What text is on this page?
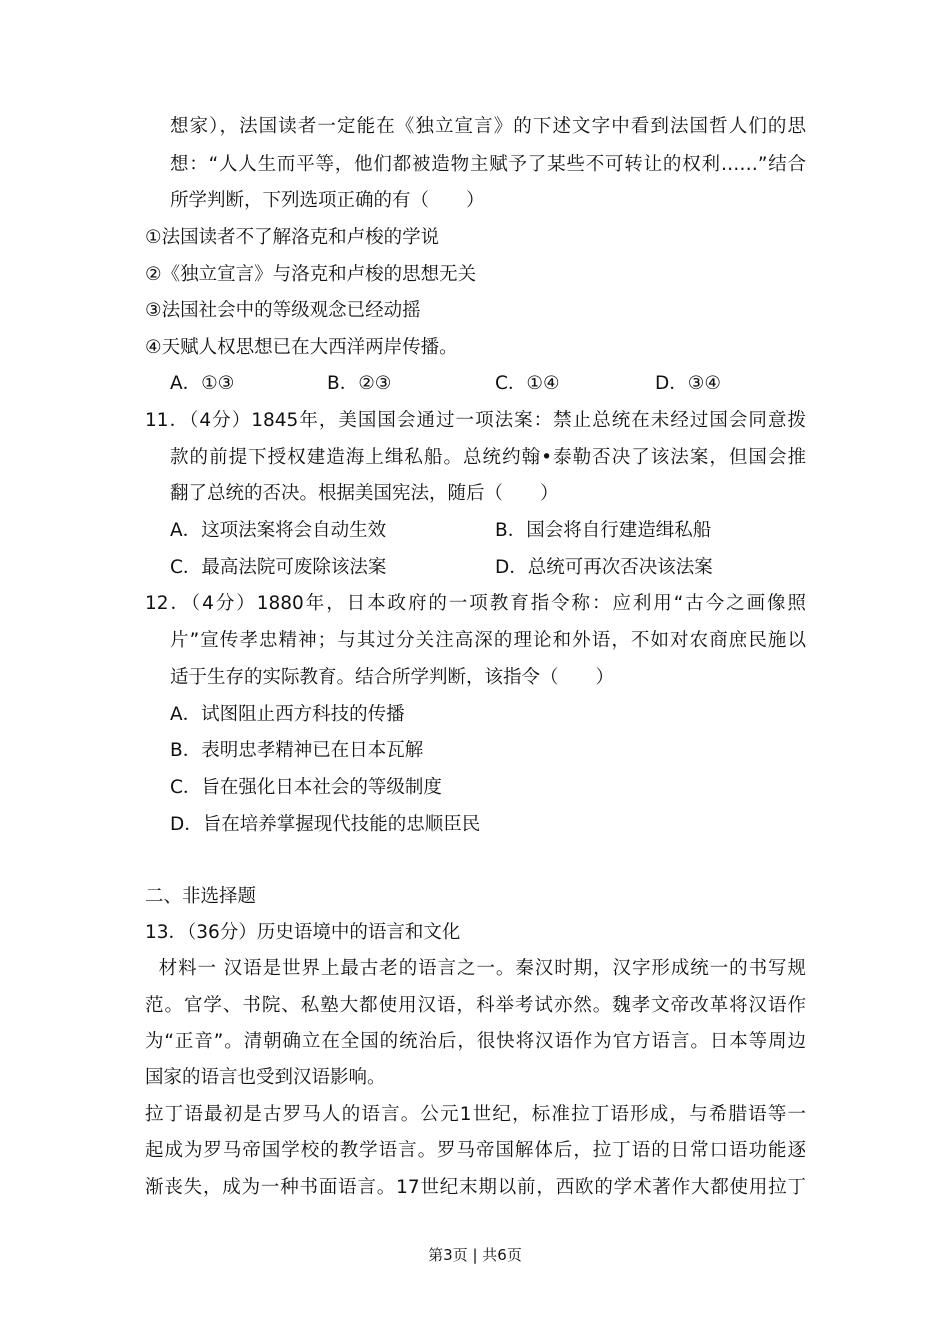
想家），法国读者一定能在《独立宣言》的下述文字中看到法国哲人们的思
想：“人人生而平等，他们都被造物主赋予了某些不可转让的权利……”结合
所学判断，下列选项正确的有（　　）
①法国读者不了解洛克和卢梭的学说
②《独立宣言》与洛克和卢梭的思想无关
③法国社会中的等级观念已经动摇
④天赋人权思想已在大西洋两岸传播。
A．①③	B．②③	C．①④	D．③④
11．（4分）1845年，美国国会通过一项法案：禁止总统在未经过国会同意拨
款的前提下授权建造海上缉私船。总统约翰•泰勒否决了该法案，但国会推
翻了总统的否决。根据美国宪法，随后（　　）
A．这项法案将会自动生效	B．国会将自行建造缉私船
C．最高法院可废除该法案	D．总统可再次否决该法案
12．（4分）1880年，日本政府的一项教育指令称：应利用“古今之画像照
片”宣传孝忠精神；与其过分关注高深的理论和外语，不如对农商庶民施以
适于生存的实际教育。结合所学判断，该指令（　　）
A．试图阻止西方科技的传播
B．表明忠孝精神已在日本瓦解
C．旨在强化日本社会的等级制度
D．旨在培养掌握现代技能的忠顺臣民
二、非选择题
13．（36分）历史语境中的语言和文化
材料一 汉语是世界上最古老的语言之一。秦汉时期，汉字形成统一的书写规
范。官学、书院、私塾大都使用汉语，科举考试亦然。魏孝文帝改革将汉语作
为“正音”。清朝确立在全国的统治后，很快将汉语作为官方语言。日本等周边
国家的语言也受到汉语影响。
拉丁语最初是古罗马人的语言。公元1世纪，标准拉丁语形成，与希腊语等一
起成为罗马帝国学校的教学语言。罗马帝国解体后，拉丁语的日常口语功能逐
渐丧失，成为一种书面语言。17世纪末期以前，西欧的学术著作大都使用拉丁
第3页 | 共6页
